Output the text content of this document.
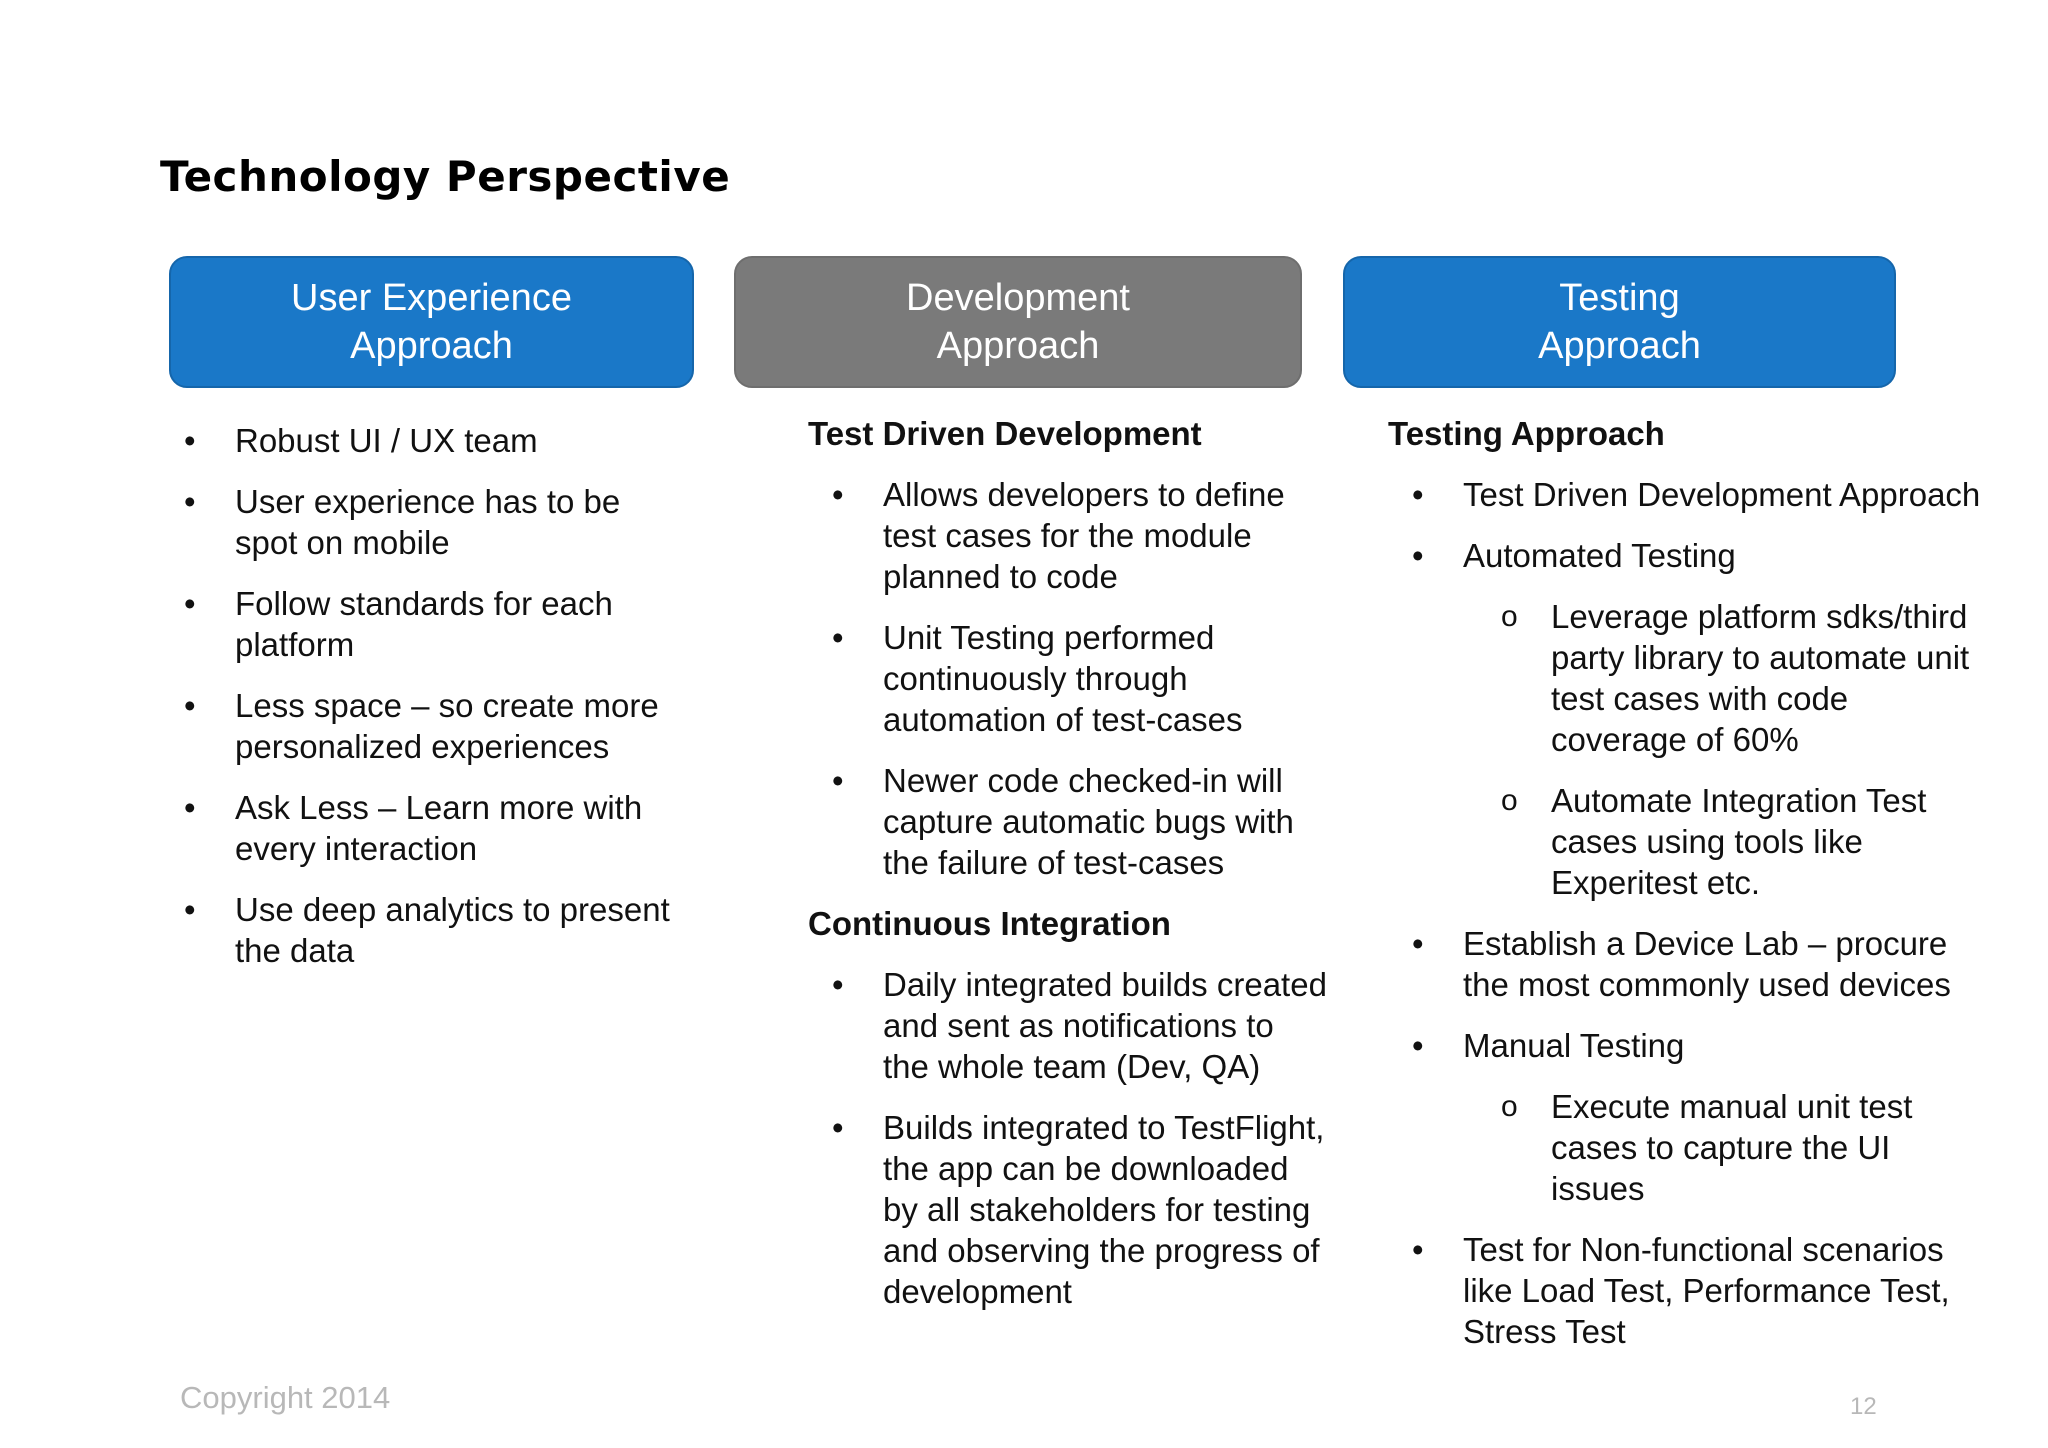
Technology Perspective
User Experience
Approach
Development
Approach
Testing
Approach
• Robust UI / UX team
• User experience has to be spot on mobile
• Follow standards for each platform
• Less space – so create more personalized experiences
• Ask Less – Learn more with every interaction
• Use deep analytics to present the data
Test Driven Development
• Allows developers to define test cases for the module planned to code
• Unit Testing performed continuously through automation of test-cases
• Newer code checked-in will capture automatic bugs with the failure of test-cases
Continuous Integration
• Daily integrated builds created and sent as notifications to the whole team (Dev, QA)
• Builds integrated to TestFlight, the app can be downloaded by all stakeholders for testing and observing the progress of development
Testing Approach
• Test Driven Development Approach
• Automated Testing
o Leverage platform sdks/third party library to automate unit test cases with code coverage of 60%
o Automate Integration Test cases using tools like Experitest etc.
• Establish a Device Lab – procure the most commonly used devices
• Manual Testing
o Execute manual unit test cases to capture the UI issues
• Test for Non-functional scenarios like Load Test, Performance Test, Stress Test
Copyright 2014	12
